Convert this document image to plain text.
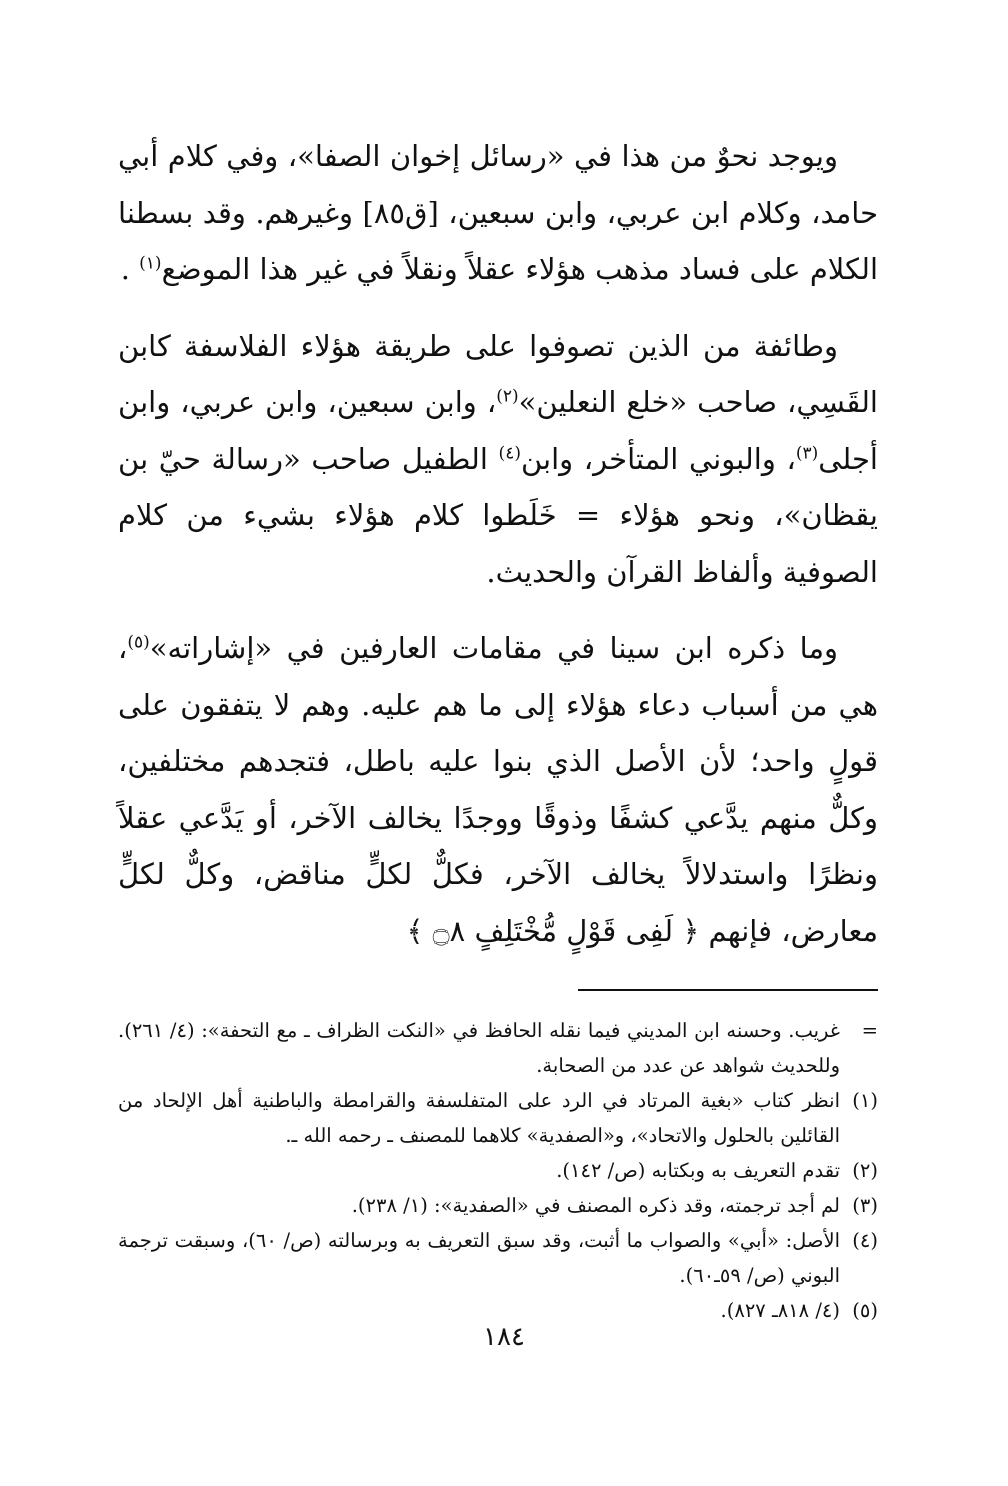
ويوجد نحوٌ من هذا في «رسائل إخوان الصفا»، وفي كلام أبي حامد، وكلام ابن عربي، وابن سبعين، [ق٨٥] وغيرهم. وقد بسطنا الكلام على فساد مذهب هؤلاء عقلاً ونقلاً في غير هذا الموضع$^{(١)}$ .

وطائفة من الذين تصوفوا على طريقة هؤلاء الفلاسفة كابن القَسِي، صاحب «خلع النعلين»$^{(٢)}$، وابن سبعين، وابن عربي، وابن أجلى$^{(٣)}$، والبوني المتأخر، وابن$^{(٤)}$ الطفيل صاحب «رسالة حيّ بن يقظان»، ونحو هؤلاء = خَلَطوا كلام هؤلاء بشيء من كلام الصوفية وألفاظ القرآن والحديث.

وما ذكره ابن سينا في مقامات العارفين في «إشاراته»$^{(٥)}$، هي من أسباب دعاء هؤلاء إلى ما هم عليه. وهم لا يتفقون على قولٍ واحد؛ لأن الأصل الذي بنوا عليه باطل، فتجدهم مختلفين، وكلٌّ منهم يدَّعي كشفًا وذوقًا ووجدًا يخالف الآخر، أو يَدَّعي عقلاً ونظرًا واستدلالاً يخالف الآخر، فكلٌّ لكلٍّ مناقض، وكلٌّ لكلٍّ معارض، فإنهم ﴿ لَفِى قَوْلٍ مُّخْتَلِفٍ ۝٨ ﴾

=
غريب. وحسنه ابن المديني فيما نقله الحافظ في «النكت الظراف ـ مع التحفة»: (٤/ ٢٦١). وللحديث شواهد عن عدد من الصحابة.
(١)
انظر كتاب «بغية المرتاد في الرد على المتفلسفة والقرامطة والباطنية أهل الإلحاد من القائلين بالحلول والاتحاد»، و«الصفدية» كلاهما للمصنف ـ رحمه الله ـ.
(٢)
تقدم التعريف به وبكتابه (ص/ ١٤٢).
(٣)
لم أجد ترجمته، وقد ذكره المصنف في «الصفدية»: (١/ ٢٣٨).
(٤)
الأصل: «أبي» والصواب ما أثبت، وقد سبق التعريف به وبرسالته (ص/ ٦٠)، وسبقت ترجمة البوني (ص/ ٥٩ـ٦٠).
(٥)
(٤/ ٨١٨ـ ٨٢٧).
١٨٤
